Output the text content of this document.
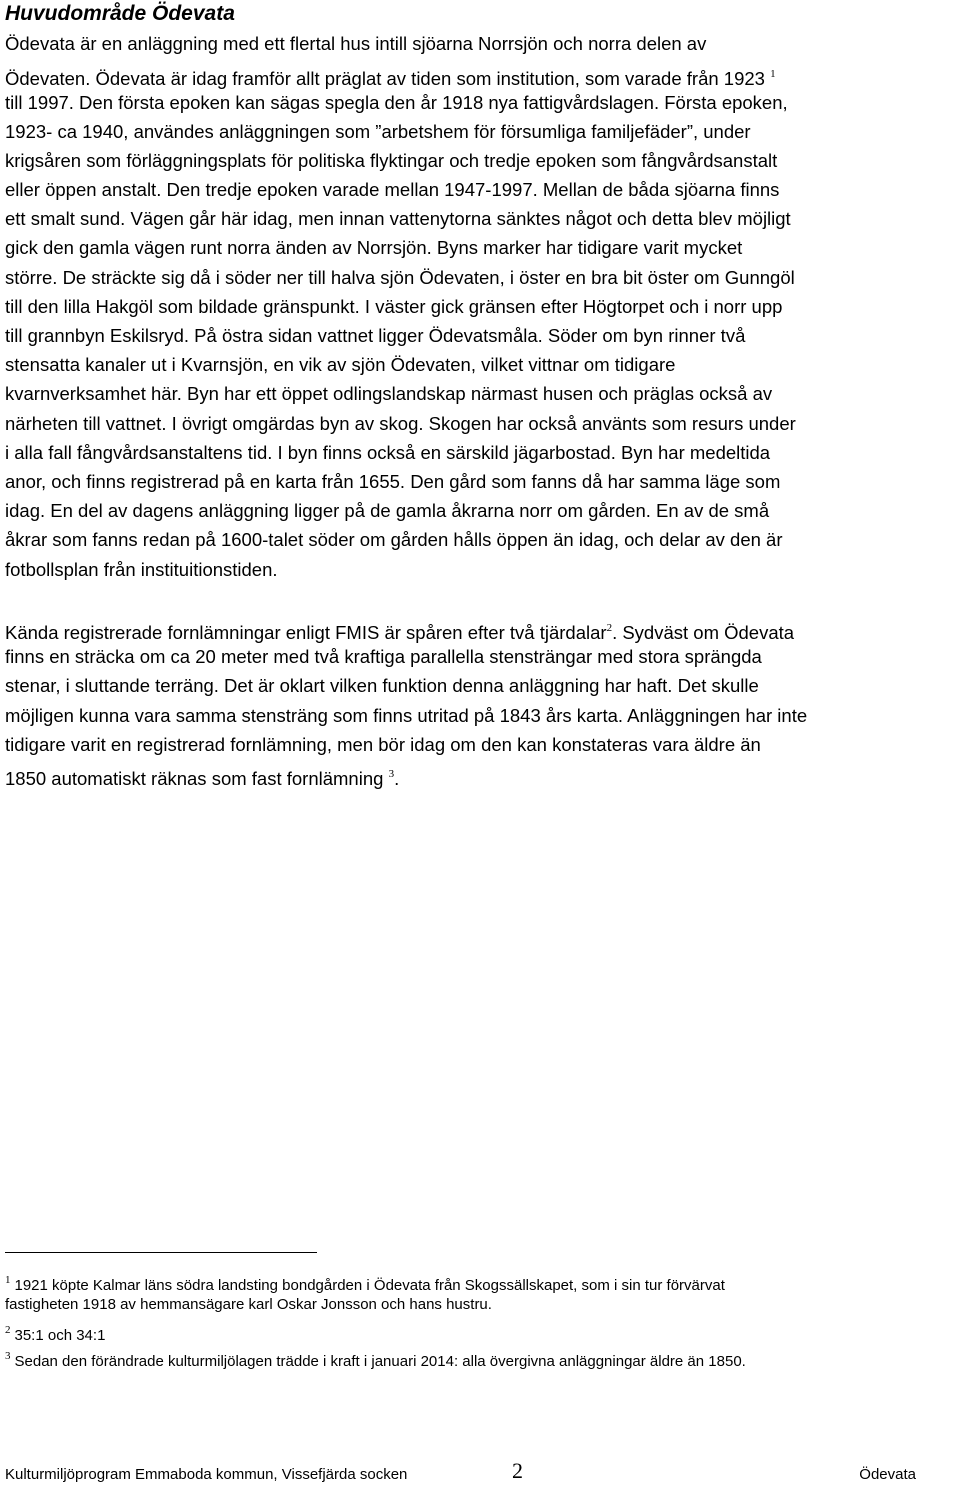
Huvudområde Ödevata
Ödevata är en anläggning med ett flertal hus intill sjöarna Norrsjön och norra delen av
Ödevaten. Ödevata är idag framför allt präglat av tiden som institution, som varade från 1923 $^1$
till 1997. Den första epoken kan sägas spegla den år 1918 nya fattigvårdslagen. Första epoken,
1923- ca 1940, användes anläggningen som ”arbetshem för försumliga familjefäder”, under
krigsåren som förläggningsplats för politiska flyktingar och tredje epoken som fångvårdsanstalt
eller öppen anstalt. Den tredje epoken varade mellan 1947-1997. Mellan de båda sjöarna finns
ett smalt sund. Vägen går här idag, men innan vattenytorna sänktes något och detta blev möjligt
gick den gamla vägen runt norra änden av Norrsjön. Byns marker har tidigare varit mycket
större. De sträckte sig då i söder ner till halva sjön Ödevaten, i öster en bra bit öster om Gunngöl
till den lilla Hakgöl som bildade gränspunkt. I väster gick gränsen efter Högtorpet och i norr upp
till grannbyn Eskilsryd. På östra sidan vattnet ligger Ödevatsmåla. Söder om byn rinner två
stensatta kanaler ut i Kvarnsjön, en vik av sjön Ödevaten, vilket vittnar om tidigare
kvarnverksamhet här. Byn har ett öppet odlingslandskap närmast husen och präglas också av
närheten till vattnet. I övrigt omgärdas byn av skog. Skogen har också använts som resurs under
i alla fall fångvårdsanstaltens tid. I byn finns också en särskild jägarbostad. Byn har medeltida
anor, och finns registrerad på en karta från 1655. Den gård som fanns då har samma läge som
idag. En del av dagens anläggning ligger på de gamla åkrarna norr om gården. En av de små
åkrar som fanns redan på 1600-talet söder om gården hålls öppen än idag, och delar av den är
fotbollsplan från instituitionstiden.
Kända registrerade fornlämningar enligt FMIS är spåren efter två tjärdalar$^2$. Sydväst om Ödevata
finns en sträcka om ca 20 meter med två kraftiga parallella stensträngar med stora sprängda
stenar, i sluttande terräng. Det är oklart vilken funktion denna anläggning har haft. Det skulle
möjligen kunna vara samma stensträng som finns utritad på 1843 års karta. Anläggningen har inte
tidigare varit en registrerad fornlämning, men bör idag om den kan konstateras vara äldre än
1850 automatiskt räknas som fast fornlämning $^3$.
$^1$ 1921 köpte Kalmar läns södra landsting bondgården i Ödevata från Skogssällskapet, som i sin tur förvärvat
fastigheten 1918 av hemmansägare karl Oskar Jonsson och hans hustru.
$^2$ 35:1 och 34:1
$^3$ Sedan den förändrade kulturmiljölagen trädde i kraft i januari 2014: alla övergivna anläggningar äldre än 1850.
Kulturmiljöprogram Emmaboda kommun, Vissefjärda socken	2	Ödevata
